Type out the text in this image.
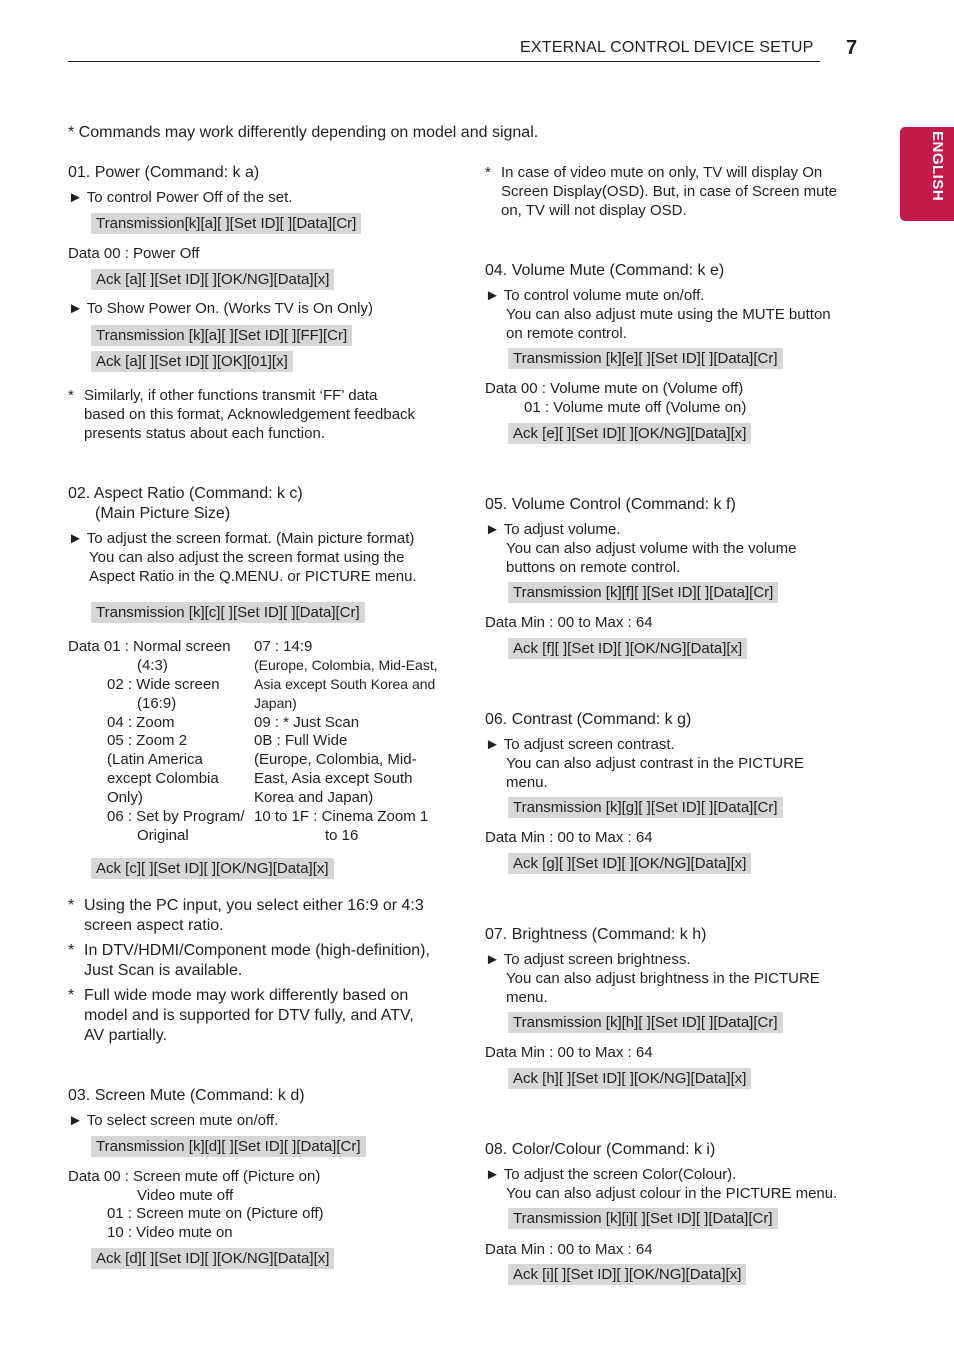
EXTERNAL CONTROL DEVICE SETUP 7
ENGLISH
* Commands may work differently depending on model and signal.
01. Power (Command: k a)
► To control Power Off of the set.
Transmission[k][a][ ][Set ID][ ][Data][Cr]
Data 00 : Power Off
Ack [a][ ][Set ID][ ][OK/NG][Data][x]
► To Show Power On. (Works TV is On Only)
Transmission [k][a][ ][Set ID][ ][FF][Cr]
Ack [a][ ][Set ID][ ][OK][01][x]
* Similarly, if other functions transmit ‘FF’ data
based on this format, Acknowledgement feedback
presents status about each function.
02. Aspect Ratio (Command: k c)
(Main Picture Size)
► To adjust the screen format. (Main picture format)
You can also adjust the screen format using the
Aspect Ratio in the Q.MENU. or PICTURE menu.
Transmission [k][c][ ][Set ID][ ][Data][Cr]
Data 01 : Normal screen
(4:3)
02 : Wide screen
(16:9)
04 : Zoom
05 : Zoom 2
(Latin America
except Colombia
Only)
06 : Set by Program/
Original
07 : 14:9
(Europe, Colombia, Mid-East,
Asia except South Korea and
Japan)
09 : * Just Scan
0B : Full Wide
(Europe, Colombia, Mid-
East, Asia except South
Korea and Japan)
10 to 1F : Cinema Zoom 1
to 16
Ack [c][ ][Set ID][ ][OK/NG][Data][x]
* Using the PC input, you select either 16:9 or 4:3
screen aspect ratio.
* In DTV/HDMI/Component mode (high-definition),
Just Scan is available.
* Full wide mode may work differently based on
model and is supported for DTV fully, and ATV,
AV partially.
03. Screen Mute (Command: k d)
► To select screen mute on/off.
Transmission [k][d][ ][Set ID][ ][Data][Cr]
Data 00 : Screen mute off (Picture on)
Video mute off
01 : Screen mute on (Picture off)
10 : Video mute on
Ack [d][ ][Set ID][ ][OK/NG][Data][x]
* In case of video mute on only, TV will display On
Screen Display(OSD). But, in case of Screen mute
on, TV will not display OSD.
04. Volume Mute (Command: k e)
► To control volume mute on/off.
You can also adjust mute using the MUTE button
on remote control.
Transmission [k][e][ ][Set ID][ ][Data][Cr]
Data 00 : Volume mute on (Volume off)
01 : Volume mute off (Volume on)
Ack [e][ ][Set ID][ ][OK/NG][Data][x]
05. Volume Control (Command: k f)
► To adjust volume.
You can also adjust volume with the volume
buttons on remote control.
Transmission [k][f][ ][Set ID][ ][Data][Cr]
Data Min : 00 to Max : 64
Ack [f][ ][Set ID][ ][OK/NG][Data][x]
06. Contrast (Command: k g)
► To adjust screen contrast.
You can also adjust contrast in the PICTURE
menu.
Transmission [k][g][ ][Set ID][ ][Data][Cr]
Data Min : 00 to Max : 64
Ack [g][ ][Set ID][ ][OK/NG][Data][x]
07. Brightness (Command: k h)
► To adjust screen brightness.
You can also adjust brightness in the PICTURE
menu.
Transmission [k][h][ ][Set ID][ ][Data][Cr]
Data Min : 00 to Max : 64
Ack [h][ ][Set ID][ ][OK/NG][Data][x]
08. Color/Colour (Command: k i)
► To adjust the screen Color(Colour).
You can also adjust colour in the PICTURE menu.
Transmission [k][i][ ][Set ID][ ][Data][Cr]
Data Min : 00 to Max : 64
Ack [i][ ][Set ID][ ][OK/NG][Data][x]
